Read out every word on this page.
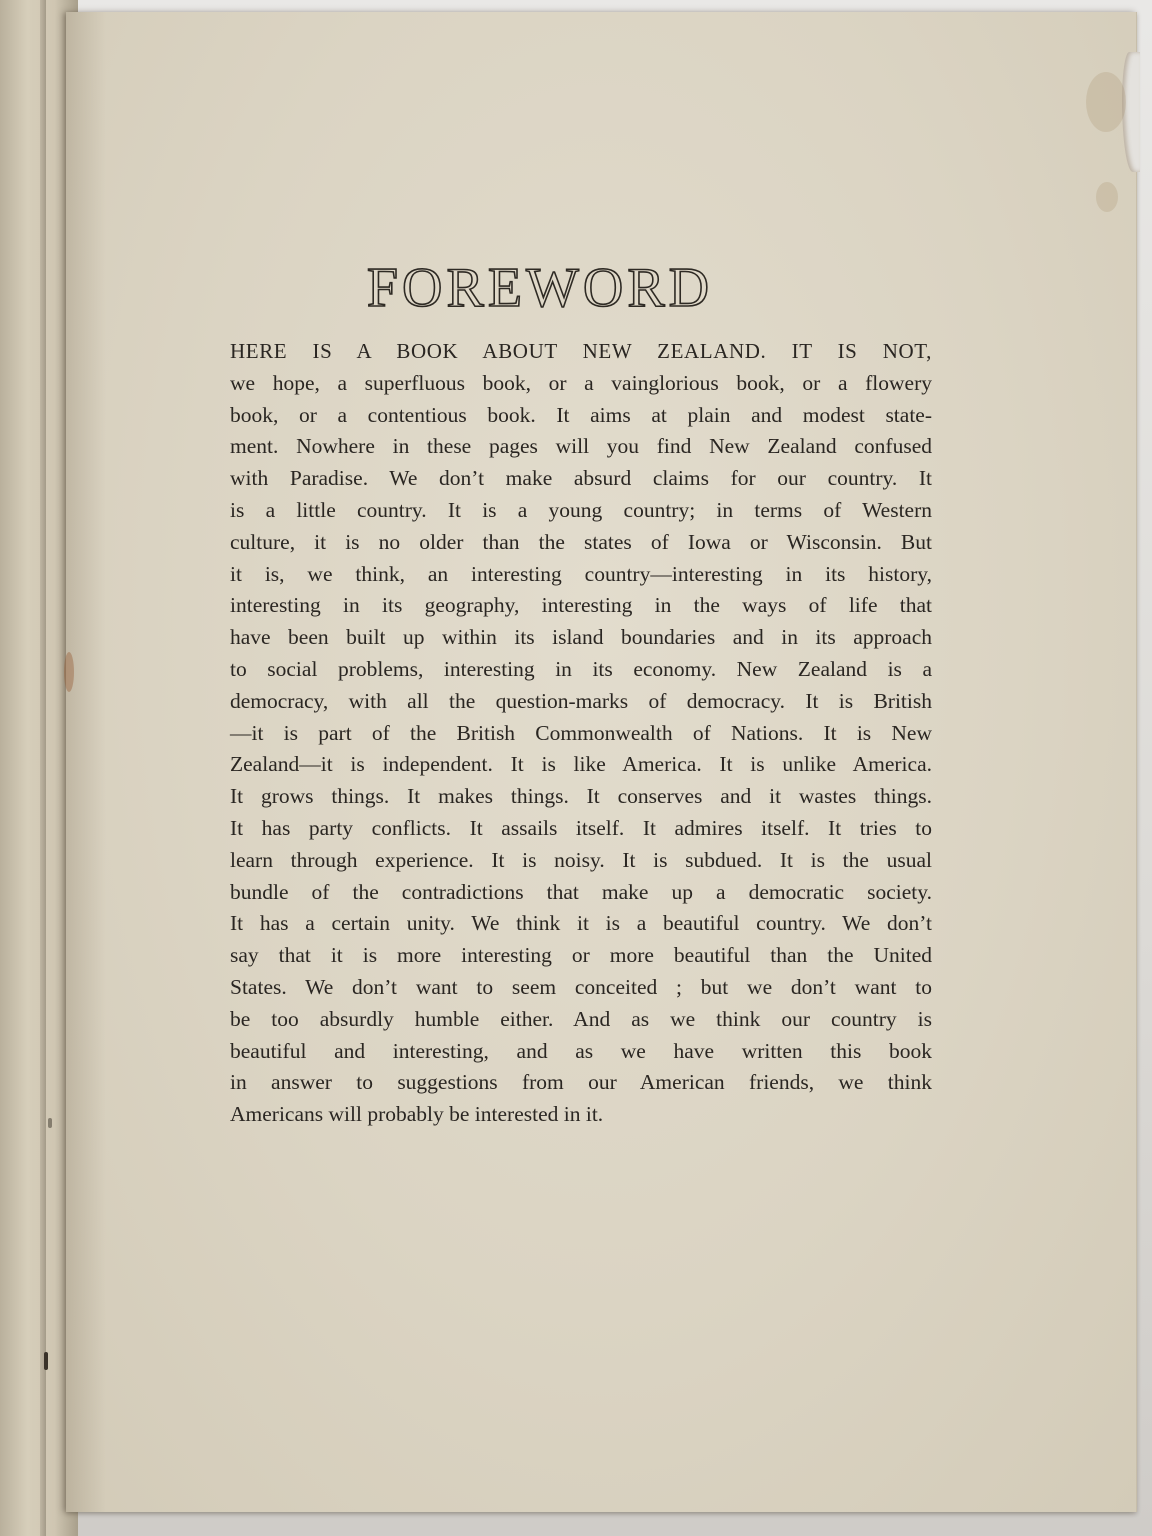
FOREWORD
HERE IS A BOOK ABOUT NEW ZEALAND. IT IS NOT,
we hope, a superfluous book, or a vainglorious book, or a flowery
book, or a contentious book. It aims at plain and modest state-
ment. Nowhere in these pages will you find New Zealand confused
with Paradise. We don’t make absurd claims for our country. It
is a little country. It is a young country; in terms of Western
culture, it is no older than the states of Iowa or Wisconsin. But
it is, we think, an interesting country—interesting in its history,
interesting in its geography, interesting in the ways of life that
have been built up within its island boundaries and in its approach
to social problems, interesting in its economy. New Zealand is a
democracy, with all the question-marks of democracy. It is British
—it is part of the British Commonwealth of Nations. It is New
Zealand—it is independent. It is like America. It is unlike America.
It grows things. It makes things. It conserves and it wastes things.
It has party conflicts. It assails itself. It admires itself. It tries to
learn through experience. It is noisy. It is subdued. It is the usual
bundle of the contradictions that make up a democratic society.
It has a certain unity. We think it is a beautiful country. We don’t
say that it is more interesting or more beautiful than the United
States. We don’t want to seem conceited ; but we don’t want to
be too absurdly humble either. And as we think our country is
beautiful and interesting, and as we have written this book
in answer to suggestions from our American friends, we think
Americans will probably be interested in it.
